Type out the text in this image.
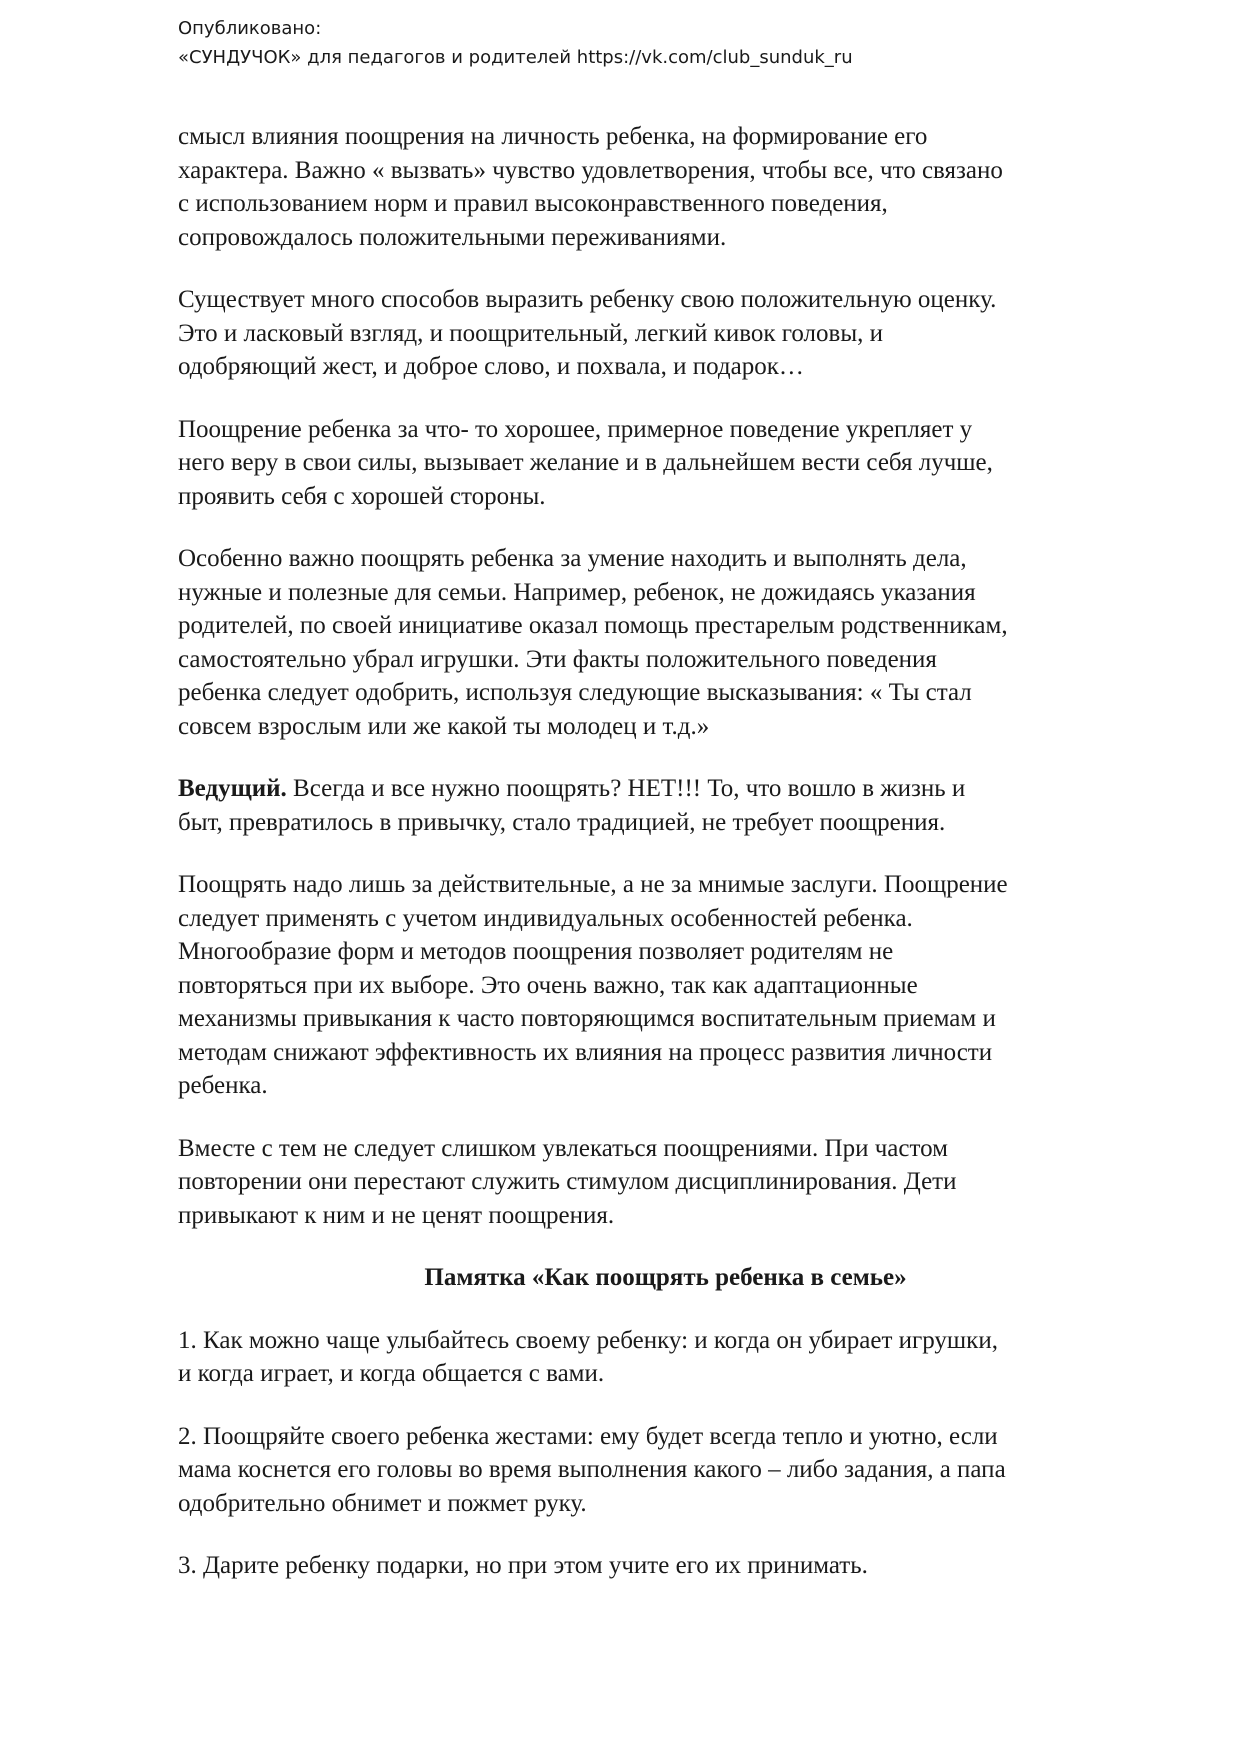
Опубликовано:
«СУНДУЧОК» для педагогов и родителей https://vk.com/club_sunduk_ru

смысл влияния поощрения на личность ребенка, на формирование его
характера. Важно « вызвать» чувство удовлетворения, чтобы все, что связано
с использованием норм и правил высоконравственного поведения,
сопровождалось положительными переживаниями.

Существует много способов выразить ребенку свою положительную оценку.
Это и ласковый взгляд, и поощрительный, легкий кивок головы, и
одобряющий жест, и доброе слово, и похвала, и подарок…

Поощрение ребенка за что- то хорошее, примерное поведение укрепляет у
него веру в свои силы, вызывает желание и в дальнейшем вести себя лучше,
проявить себя с хорошей стороны.

Особенно важно поощрять ребенка за умение находить и выполнять дела,
нужные и полезные для семьи. Например, ребенок, не дожидаясь указания
родителей, по своей инициативе оказал помощь престарелым родственникам,
самостоятельно убрал игрушки. Эти факты положительного поведения
ребенка следует одобрить, используя следующие высказывания: « Ты стал
совсем взрослым или же какой ты молодец и т.д.»

Ведущий. Всегда и все нужно поощрять? НЕТ!!! То, что вошло в жизнь и
быт, превратилось в привычку, стало традицией, не требует поощрения.

Поощрять надо лишь за действительные, а не за мнимые заслуги. Поощрение
следует применять с учетом индивидуальных особенностей ребенка.
Многообразие форм и методов поощрения позволяет родителям не
повторяться при их выборе. Это очень важно, так как адаптационные
механизмы привыкания к часто повторяющимся воспитательным приемам и
методам снижают эффективность их влияния на процесс развития личности
ребенка.

Вместе с тем не следует слишком увлекаться поощрениями. При частом
повторении они перестают служить стимулом дисциплинирования. Дети
привыкают к ним и не ценят поощрения.

Памятка «Как поощрять ребенка в семье»

1. Как можно чаще улыбайтесь своему ребенку: и когда он убирает игрушки,
и когда играет, и когда общается с вами.

2. Поощряйте своего ребенка жестами: ему будет всегда тепло и уютно, если
мама коснется его головы во время выполнения какого – либо задания, а папа
одобрительно обнимет и пожмет руку.

3. Дарите ребенку подарки, но при этом учите его их принимать.
